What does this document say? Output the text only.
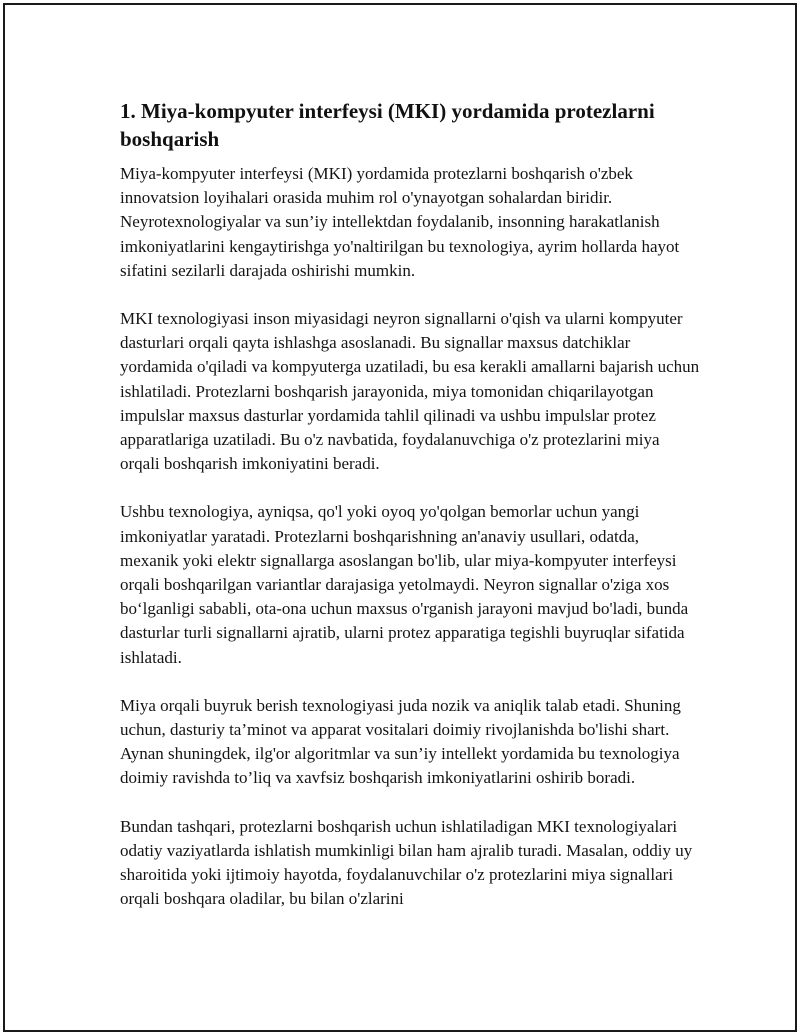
1. Miya-kompyuter interfeysi (MKI) yordamida protezlarni boshqarish

Miya-kompyuter interfeysi (MKI) yordamida protezlarni boshqarish o'zbek innovatsion loyihalari orasida muhim rol o'ynayotgan sohalardan biridir. Neyrotexnologiyalar va sun’iy intellektdan foydalanib, insonning harakatlanish imkoniyatlarini kengaytirishga yo'naltirilgan bu texnologiya, ayrim hollarda hayot sifatini sezilarli darajada oshirishi mumkin.

MKI texnologiyasi inson miyasidagi neyron signallarni o'qish va ularni kompyuter dasturlari orqali qayta ishlashga asoslanadi. Bu signallar maxsus datchiklar yordamida o'qiladi va kompyuterga uzatiladi, bu esa kerakli amallarni bajarish uchun ishlatiladi. Protezlarni boshqarish jarayonida, miya tomonidan chiqarilayotgan impulslar maxsus dasturlar yordamida tahlil qilinadi va ushbu impulslar protez apparatlariga uzatiladi. Bu o'z navbatida, foydalanuvchiga o'z protezlarini miya orqali boshqarish imkoniyatini beradi.

Ushbu texnologiya, ayniqsa, qo'l yoki oyoq yo'qolgan bemorlar uchun yangi imkoniyatlar yaratadi. Protezlarni boshqarishning an'anaviy usullari, odatda, mexanik yoki elektr signallarga asoslangan bo'lib, ular miya-kompyuter interfeysi orqali boshqarilgan variantlar darajasiga yetolmaydi. Neyron signallar o'ziga xos bo‘lganligi sababli, ota-ona uchun maxsus o'rganish jarayoni mavjud bo'ladi, bunda dasturlar turli signallarni ajratib, ularni protez apparatiga tegishli buyruqlar sifatida ishlatadi.

Miya orqali buyruk berish texnologiyasi juda nozik va aniqlik talab etadi. Shuning uchun, dasturiy ta’minot va apparat vositalari doimiy rivojlanishda bo'lishi shart. Aynan shuningdek, ilg'or algoritmlar va sun’iy intellekt yordamida bu texnologiya doimiy ravishda to’liq va xavfsiz boshqarish imkoniyatlarini oshirib boradi.

Bundan tashqari, protezlarni boshqarish uchun ishlatiladigan MKI texnologiyalari odatiy vaziyatlarda ishlatish mumkinligi bilan ham ajralib turadi. Masalan, oddiy uy sharoitida yoki ijtimoiy hayotda, foydalanuvchilar o'z protezlarini miya signallari orqali boshqara oladilar, bu bilan o'zlarini
